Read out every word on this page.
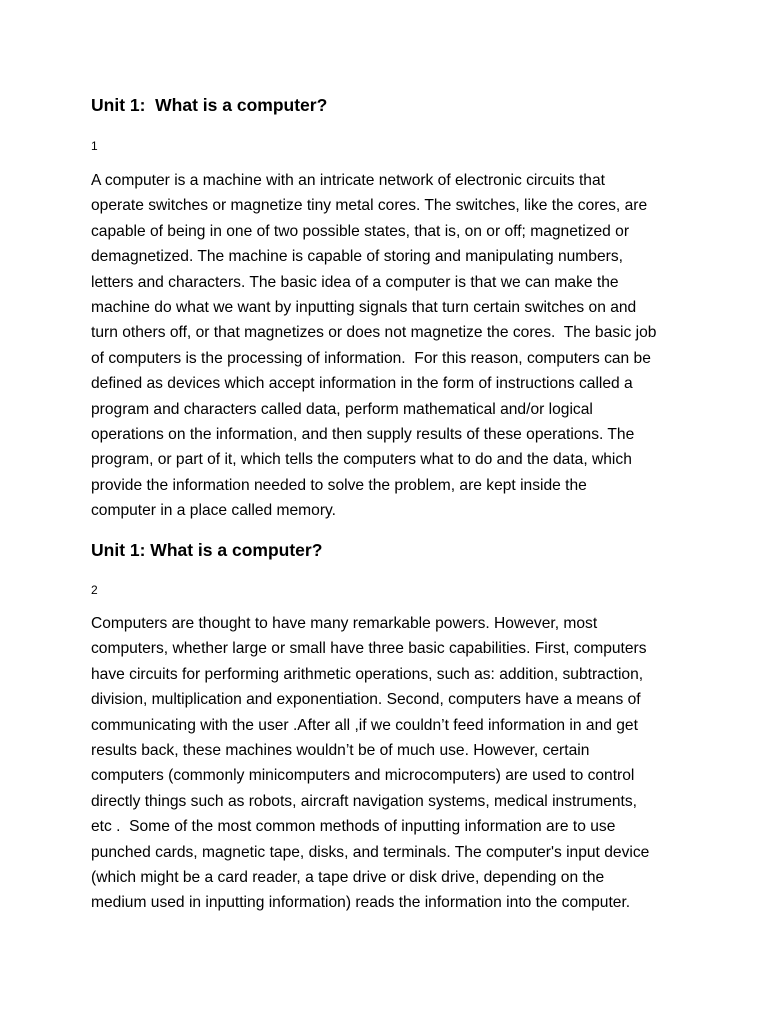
Unit 1:  What is a computer?
1
A computer is a machine with an intricate network of electronic circuits that
operate switches or magnetize tiny metal cores. The switches, like the cores, are
capable of being in one of two possible states, that is, on or off; magnetized or
demagnetized. The machine is capable of storing and manipulating numbers,
letters and characters. The basic idea of a computer is that we can make the
machine do what we want by inputting signals that turn certain switches on and
turn others off, or that magnetizes or does not magnetize the cores.  The basic job
of computers is the processing of information.  For this reason, computers can be
defined as devices which accept information in the form of instructions called a
program and characters called data, perform mathematical and/or logical
operations on the information, and then supply results of these operations. The
program, or part of it, which tells the computers what to do and the data, which
provide the information needed to solve the problem, are kept inside the
computer in a place called memory.
Unit 1: What is a computer?
2
Computers are thought to have many remarkable powers. However, most
computers, whether large or small have three basic capabilities. First, computers
have circuits for performing arithmetic operations, such as: addition, subtraction,
division, multiplication and exponentiation. Second, computers have a means of
communicating with the user .After all ,if we couldn’t feed information in and get
results back, these machines wouldn’t be of much use. However, certain
computers (commonly minicomputers and microcomputers) are used to control
directly things such as robots, aircraft navigation systems, medical instruments,
etc .  Some of the most common methods of inputting information are to use
punched cards, magnetic tape, disks, and terminals. The computer's input device
(which might be a card reader, a tape drive or disk drive, depending on the
medium used in inputting information) reads the information into the computer.
